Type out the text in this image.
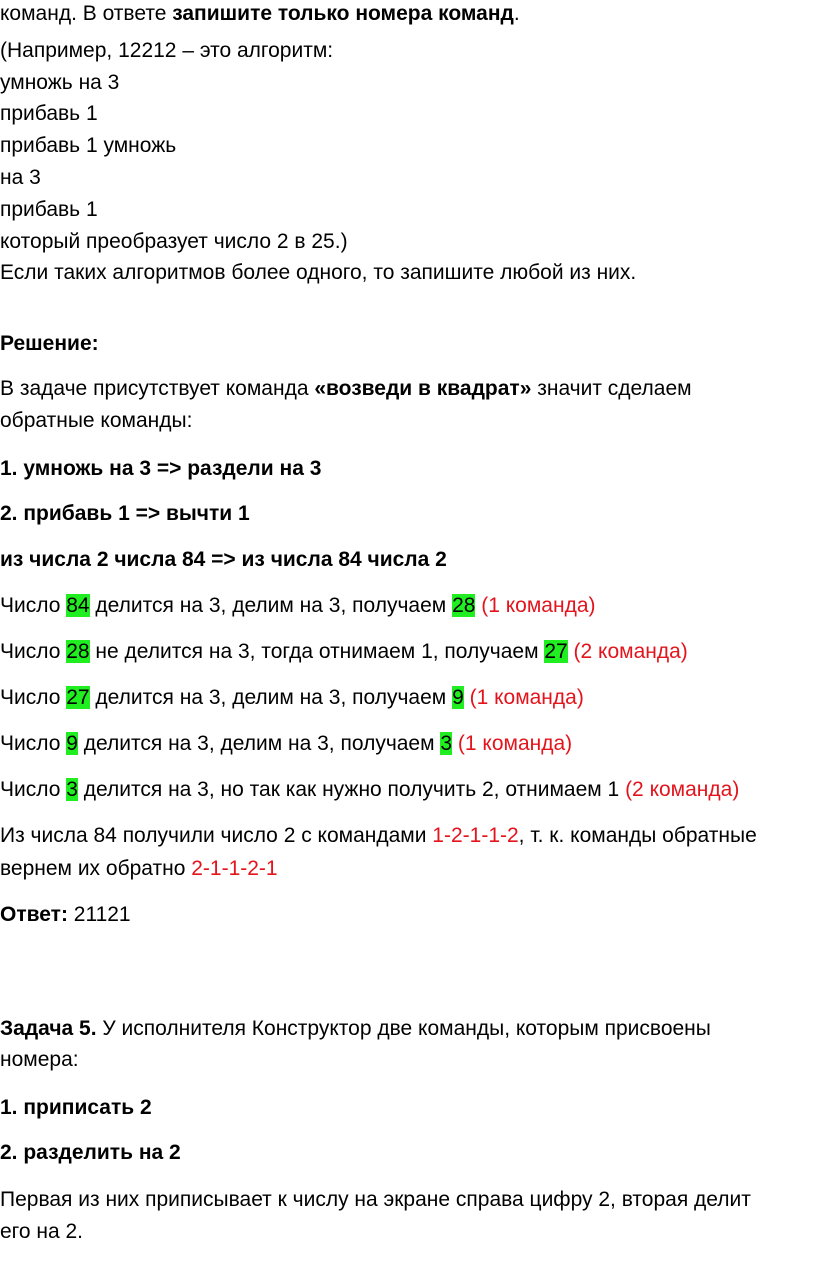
команд. В ответе запишите только номера команд.
(Например, 12212 – это алгоритм:
умножь на 3
прибавь 1
прибавь 1 умножь
на 3
прибавь 1
который преобразует число 2 в 25.)
Если таких алгоритмов более одного, то запишите любой из них.
Решение:
В задаче присутствует команда «возведи в квадрат» значит сделаем
обратные команды:
1. умножь на 3 => раздели на 3
2. прибавь 1 => вычти 1
из числа 2 числа 84 => из числа 84 числа 2
Число 84 делится на 3, делим на 3, получаем 28 (1 команда)
Число 28 не делится на 3, тогда отнимаем 1, получаем 27 (2 команда)
Число 27 делится на 3, делим на 3, получаем 9 (1 команда)
Число 9 делится на 3, делим на 3, получаем 3 (1 команда)
Число 3 делится на 3, но так как нужно получить 2, отнимаем 1 (2 команда)
Из числа 84 получили число 2 с командами 1-2-1-1-2, т. к. команды обратные
вернем их обратно 2-1-1-2-1
Ответ: 21121
Задача 5. У исполнителя Конструктор две команды, которым присвоены
номера:
1. приписать 2
2. разделить на 2
Первая из них приписывает к числу на экране справа цифру 2, вторая делит
его на 2.
